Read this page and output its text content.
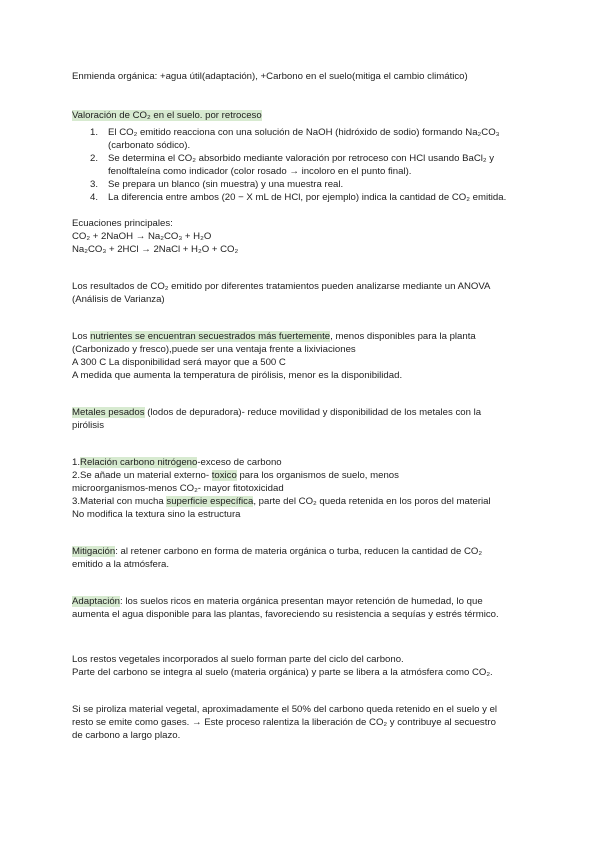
Enmienda orgánica: +agua útil(adaptación), +Carbono en el suelo(mitiga el cambio climático)

Valoración de CO₂ en el suelo. por retroceso

1. El CO₂ emitido reacciona con una solución de NaOH (hidróxido de sodio) formando Na₂CO₃ (carbonato sódico).
2. Se determina el CO₂ absorbido mediante valoración por retroceso con HCl usando BaCl₂ y fenolftaleína como indicador (color rosado → incoloro en el punto final).
3. Se prepara un blanco (sin muestra) y una muestra real.
4. La diferencia entre ambos (20 − X mL de HCl, por ejemplo) indica la cantidad de CO₂ emitida.

Ecuaciones principales:

CO₂ + 2NaOH → Na₂CO₃ + H₂O

Na₂CO₃ + 2HCl → 2NaCl + H₂O + CO₂

Los resultados de CO₂ emitido por diferentes tratamientos pueden analizarse mediante un ANOVA

(Análisis de Varianza)

Los nutrientes se encuentran secuestrados más fuertemente, menos disponibles para la planta

(Carbonizado y fresco),puede ser una ventaja frente a lixiviaciones

A 300 C La disponibilidad será mayor que a 500 C

A medida que aumenta la temperatura de pirólisis, menor es la disponibilidad.

Metales pesados (lodos de depuradora)- reduce movilidad y disponibilidad de los metales con la

pirólisis

1.Relación carbono nitrógeno-exceso de carbono

2.Se añade un material externo- toxico para los organismos de suelo, menos

microorganismos-menos CO₂- mayor fitotoxicidad

3.Material con mucha superficie específica, parte del CO₂ queda retenida en los poros del material

No modifica la textura sino la estructura

Mitigación: al retener carbono en forma de materia orgánica o turba, reducen la cantidad de CO₂

emitido a la atmósfera.

Adaptación: los suelos ricos en materia orgánica presentan mayor retención de humedad, lo que

aumenta el agua disponible para las plantas, favoreciendo su resistencia a sequías y estrés térmico.

Los restos vegetales incorporados al suelo forman parte del ciclo del carbono.

Parte del carbono se integra al suelo (materia orgánica) y parte se libera a la atmósfera como CO₂.

Si se piroliza material vegetal, aproximadamente el 50% del carbono queda retenido en el suelo y el

resto se emite como gases. → Este proceso ralentiza la liberación de CO₂ y contribuye al secuestro

de carbono a largo plazo.
